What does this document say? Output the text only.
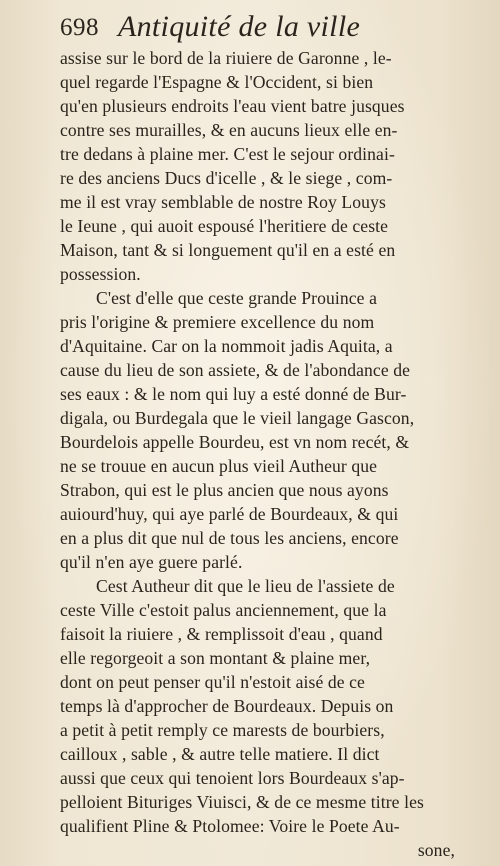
698 Antiquité de la ville
assise sur le bord de la riuiere de Garonne , le-
quel regarde l'Espagne & l'Occident, si bien
qu'en plusieurs endroits l'eau vient batre jusques
contre ses murailles, & en aucuns lieux elle en-
tre dedans à plaine mer. C'est le sejour ordinai-
re des anciens Ducs d'icelle , & le siege , com-
me il est vray semblable de nostre Roy Louys
le Ieune , qui auoit espousé l'heritiere de ceste
Maison, tant & si longuement qu'il en a esté en
possession.
C'est d'elle que ceste grande Prouince a
pris l'origine & premiere excellence du nom
d'Aquitaine. Car on la nommoit jadis Aquita, a
cause du lieu de son assiete, & de l'abondance de
ses eaux : & le nom qui luy a esté donné de Bur-
digala, ou Burdegala que le vieil langage Gascon,
Bourdelois appelle Bourdeu, est vn nom recét, &
ne se trouue en aucun plus vieil Autheur que
Strabon, qui est le plus ancien que nous ayons
auiourd'huy, qui aye parlé de Bourdeaux, & qui
en a plus dit que nul de tous les anciens, encore
qu'il n'en aye guere parlé.
Cest Autheur dit que le lieu de l'assiete de
ceste Ville c'estoit palus anciennement, que la
faisoit la riuiere , & remplissoit d'eau , quand
elle regorgeoit a son montant & plaine mer,
dont on peut penser qu'il n'estoit aisé de ce
temps là d'approcher de Bourdeaux. Depuis on
a petit à petit remply ce marests de bourbiers,
cailloux , sable , & autre telle matiere. Il dict
aussi que ceux qui tenoient lors Bourdeaux s'ap-
pelloient Bituriges Viuisci, & de ce mesme titre les
qualifient Pline & Ptolomee: Voire le Poete Au-
sone,
